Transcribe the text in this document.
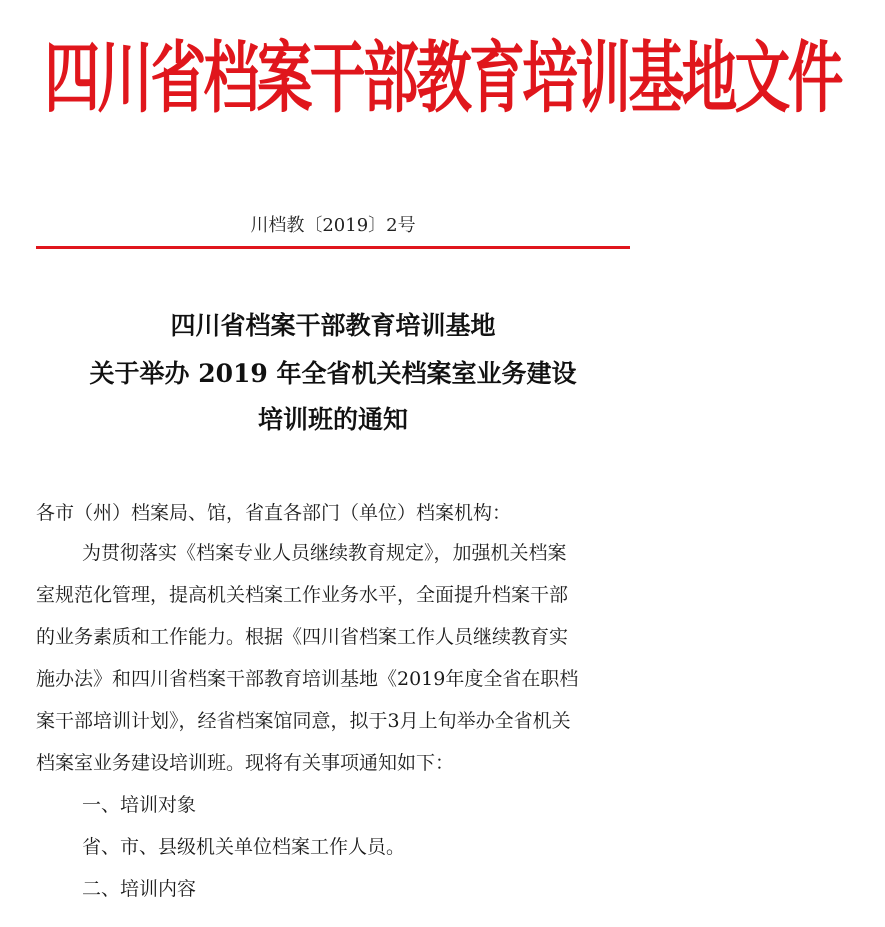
四川省档案干部教育培训基地文件
川档教〔2019〕2号
四川省档案干部教育培训基地
关于举办 2019 年全省机关档案室业务建设
培训班的通知
各市（州）档案局、馆，省直各部门（单位）档案机构：
为贯彻落实《档案专业人员继续教育规定》，加强机关档案
室规范化管理，提高机关档案工作业务水平，全面提升档案干部
的业务素质和工作能力。根据《四川省档案工作人员继续教育实
施办法》和四川省档案干部教育培训基地《2019年度全省在职档
案干部培训计划》，经省档案馆同意，拟于3月上旬举办全省机关
档案室业务建设培训班。现将有关事项通知如下：
一、培训对象
省、市、县级机关单位档案工作人员。
二、培训内容
